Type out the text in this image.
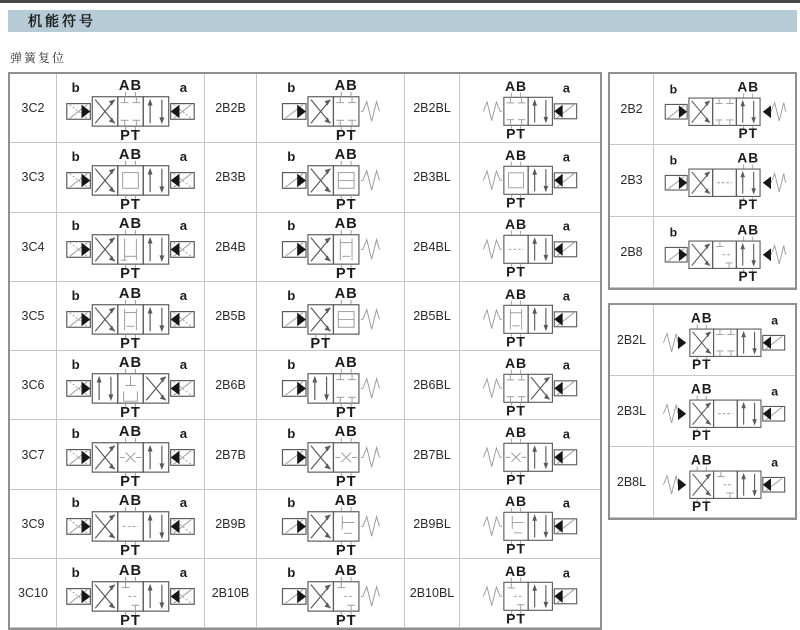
机能符号
弹簧复位
3C2
AB
PT
b	a
2B2B
AB
PT
b
2B2BL
AB
PT
a
3C3
AB
PT
b	a
2B3B
AB
PT
b
2B3BL
AB
PT
a
3C4
AB
PT
b	a
2B4B
AB
PT
b
2B4BL
AB
PT
a
3C5
AB
PT
b	a
2B5B
AB
PT
b
2B5BL
AB
PT
a
3C6
AB
PT
b	a
2B6B
AB
PT
b
2B6BL
AB
PT
a
3C7
AB
PT
b	a
2B7B
AB
PT
b
2B7BL
AB
PT
a
3C9
AB
PT
b	a
2B9B
AB
PT
b
2B9BL
AB
PT
a
3C10
AB
PT
b	a
2B10B
AB
PT
b
2B10BL
AB
PT
a
2B2
AB
PT
b
2B3
AB
PT
b
2B8
AB
PT
b
2B2L
AB
PT
a
2B3L
AB
PT
a
2B8L
AB
PT
a
